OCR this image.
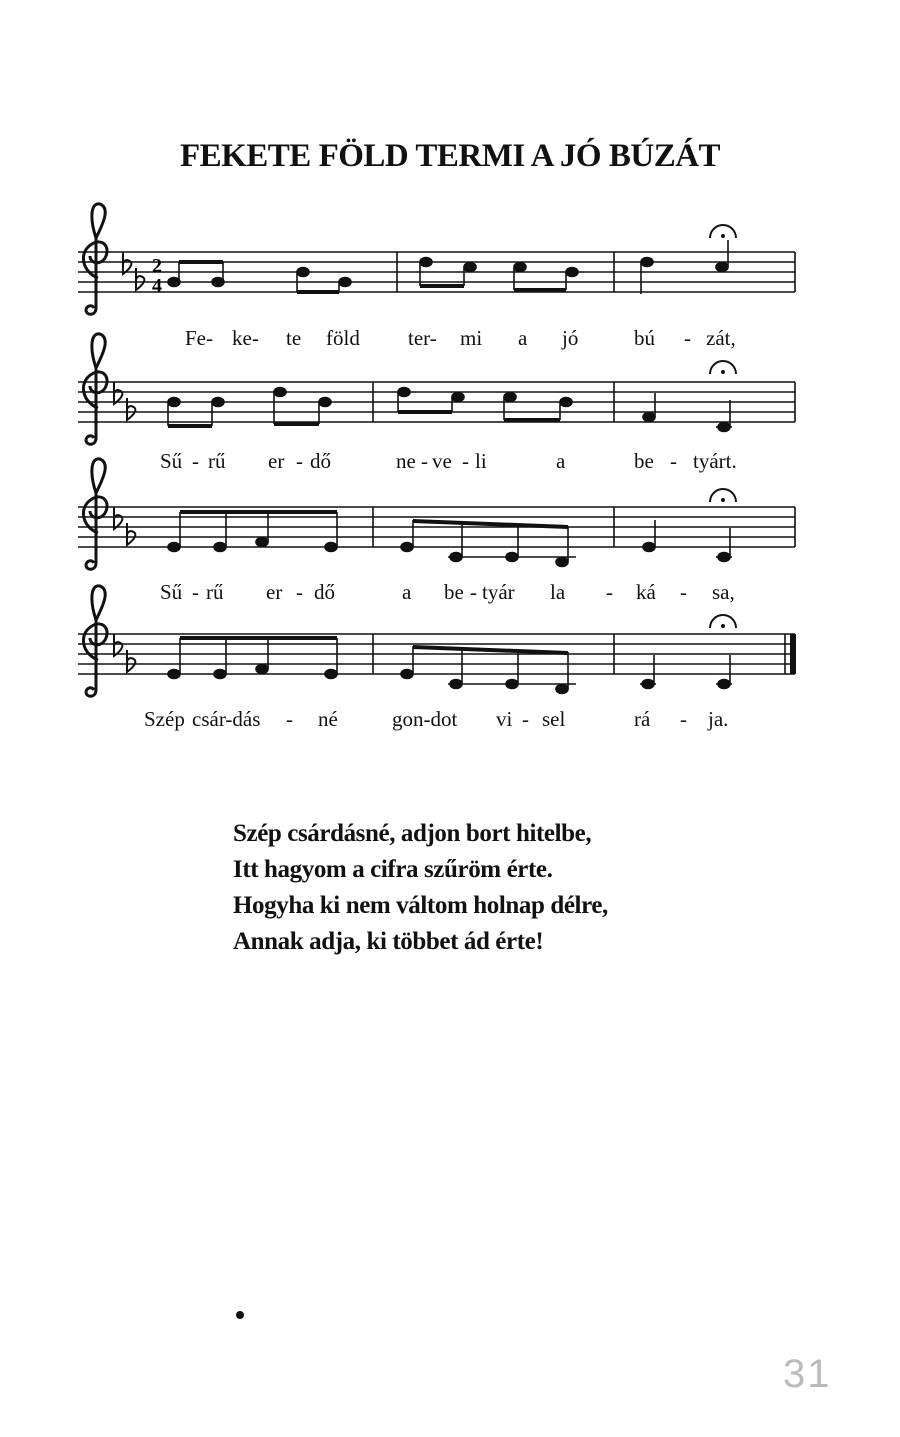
FEKETE FÖLD TERMI A JÓ BÚZÁT
2
4
Fe- ke- te föld ter- mi a jó	bú - zát,
Sű - rű er - dő	ne - ve - li	a	be - tyárt.
Sű - rű er - dő	a be - tyár la - ká - sa,
Szép csár-dás - né	gon-dot vi - sel	rá - ja.
Szép csárdásné, adjon bort hitelbe,
Itt hagyom a cifra szűröm érte.
Hogyha ki nem váltom holnap délre,
Annak adja, ki többet ád érte!
31
